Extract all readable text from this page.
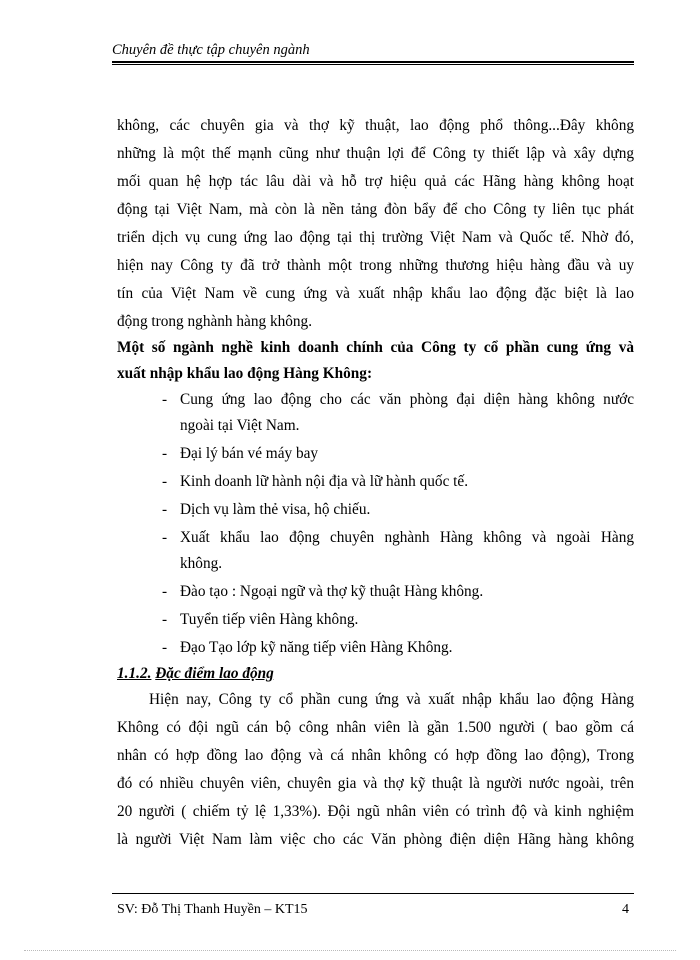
Chuyên đề thực tập chuyên ngành
không, các chuyên gia và thợ kỹ thuật, lao động phổ thông...Đây không
những là một thế mạnh cũng như thuận lợi để Công ty thiết lập và xây dựng
mối quan hệ hợp tác lâu dài và hỗ trợ hiệu quả các Hãng hàng không hoạt
động tại Việt Nam, mà còn là nền tảng đòn bẩy để cho Công ty liên tục phát
triển dịch vụ cung ứng lao động tại thị trường Việt Nam và Quốc tế. Nhờ đó,
hiện nay Công ty đã trở thành một trong những thương hiệu hàng đầu và uy
tín của Việt Nam về cung ứng và xuất nhập khẩu lao động đặc biệt là lao
động trong nghành hàng không.
Một số ngành nghề kinh doanh chính của Công ty cổ phần cung ứng và
xuất nhập khẩu lao động Hàng Không:
- Cung ứng lao động cho các văn phòng đại diện hàng không nước
ngoài tại Việt Nam.
- Đại lý bán vé máy bay
- Kinh doanh lữ hành nội địa và lữ hành quốc tế.
- Dịch vụ làm thẻ visa, hộ chiếu.
- Xuất khẩu lao động chuyên nghành Hàng không và ngoài Hàng
không.
- Đào tạo : Ngoại ngữ và thợ kỹ thuật Hàng không.
- Tuyển tiếp viên Hàng không.
- Đạo Tạo lớp kỹ năng tiếp viên Hàng Không.
1.1.2. Đặc điểm lao động
Hiện nay, Công ty cổ phần cung ứng và xuất nhập khẩu lao động Hàng
Không có đội ngũ cán bộ công nhân viên là gần 1.500 người ( bao gồm cá
nhân có hợp đồng lao động và cá nhân không có hợp đồng lao động), Trong
đó có nhiều chuyên viên, chuyên gia và thợ kỹ thuật là người nước ngoài, trên
20 người ( chiếm tỷ lệ 1,33%). Đội ngũ nhân viên có trình độ và kinh nghiệm
là người Việt Nam làm việc cho các Văn phòng điện diện Hãng hàng không
SV: Đỗ Thị Thanh Huyền – KT15	4
